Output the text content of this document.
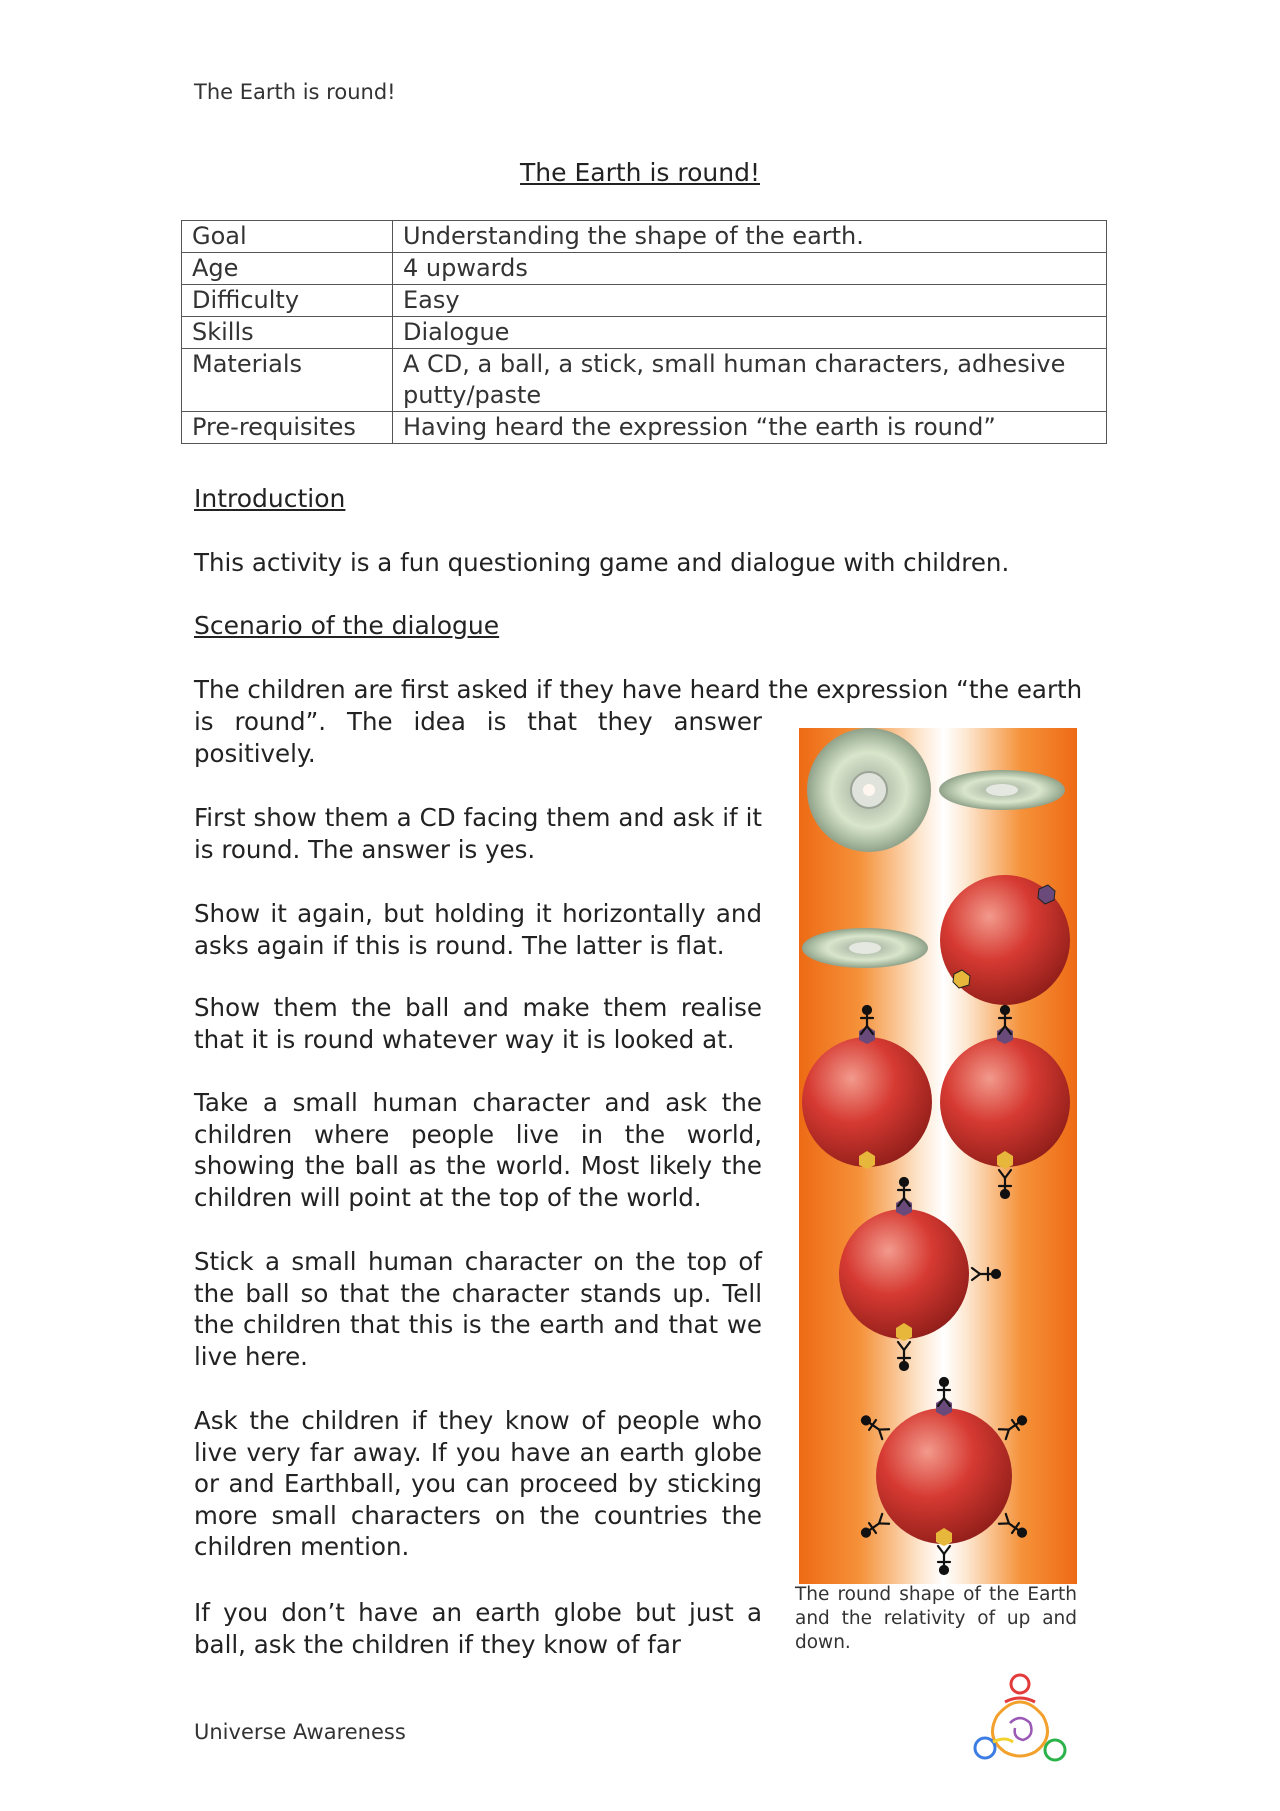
The Earth is round!
The Earth is round!
Goal	Understanding the shape of the earth.
Age	4 upwards
Difficulty	Easy
Skills	Dialogue
Materials	A CD, a ball, a stick, small human characters, adhesive putty/paste
Pre-requisites	Having heard the expression “the earth is round”
Introduction
This activity is a fun questioning game and dialogue with children.
Scenario of the dialogue
The children are first asked if they have heard the expression “the earth
is round”. The idea is that they answer positively.
First show them a CD facing them and ask if it is round. The answer is yes.
Show it again, but holding it horizontally and asks again if this is round. The latter is flat.
Show them the ball and make them realise that it is round whatever way it is looked at.
Take a small human character and ask the children where people live in the world, showing the ball as the world. Most likely the children will point at the top of the world.
Stick a small human character on the top of the ball so that the character stands up. Tell the children that this is the earth and that we live here.
Ask the children if they know of people who live very far away. If you have an earth globe or and Earthball, you can proceed by sticking more small characters on the countries the children mention.
If you don’t have an earth globe but just a ball, ask the children if they know of far
The round shape of the Earth and the relativity of up and down.
Universe Awareness
